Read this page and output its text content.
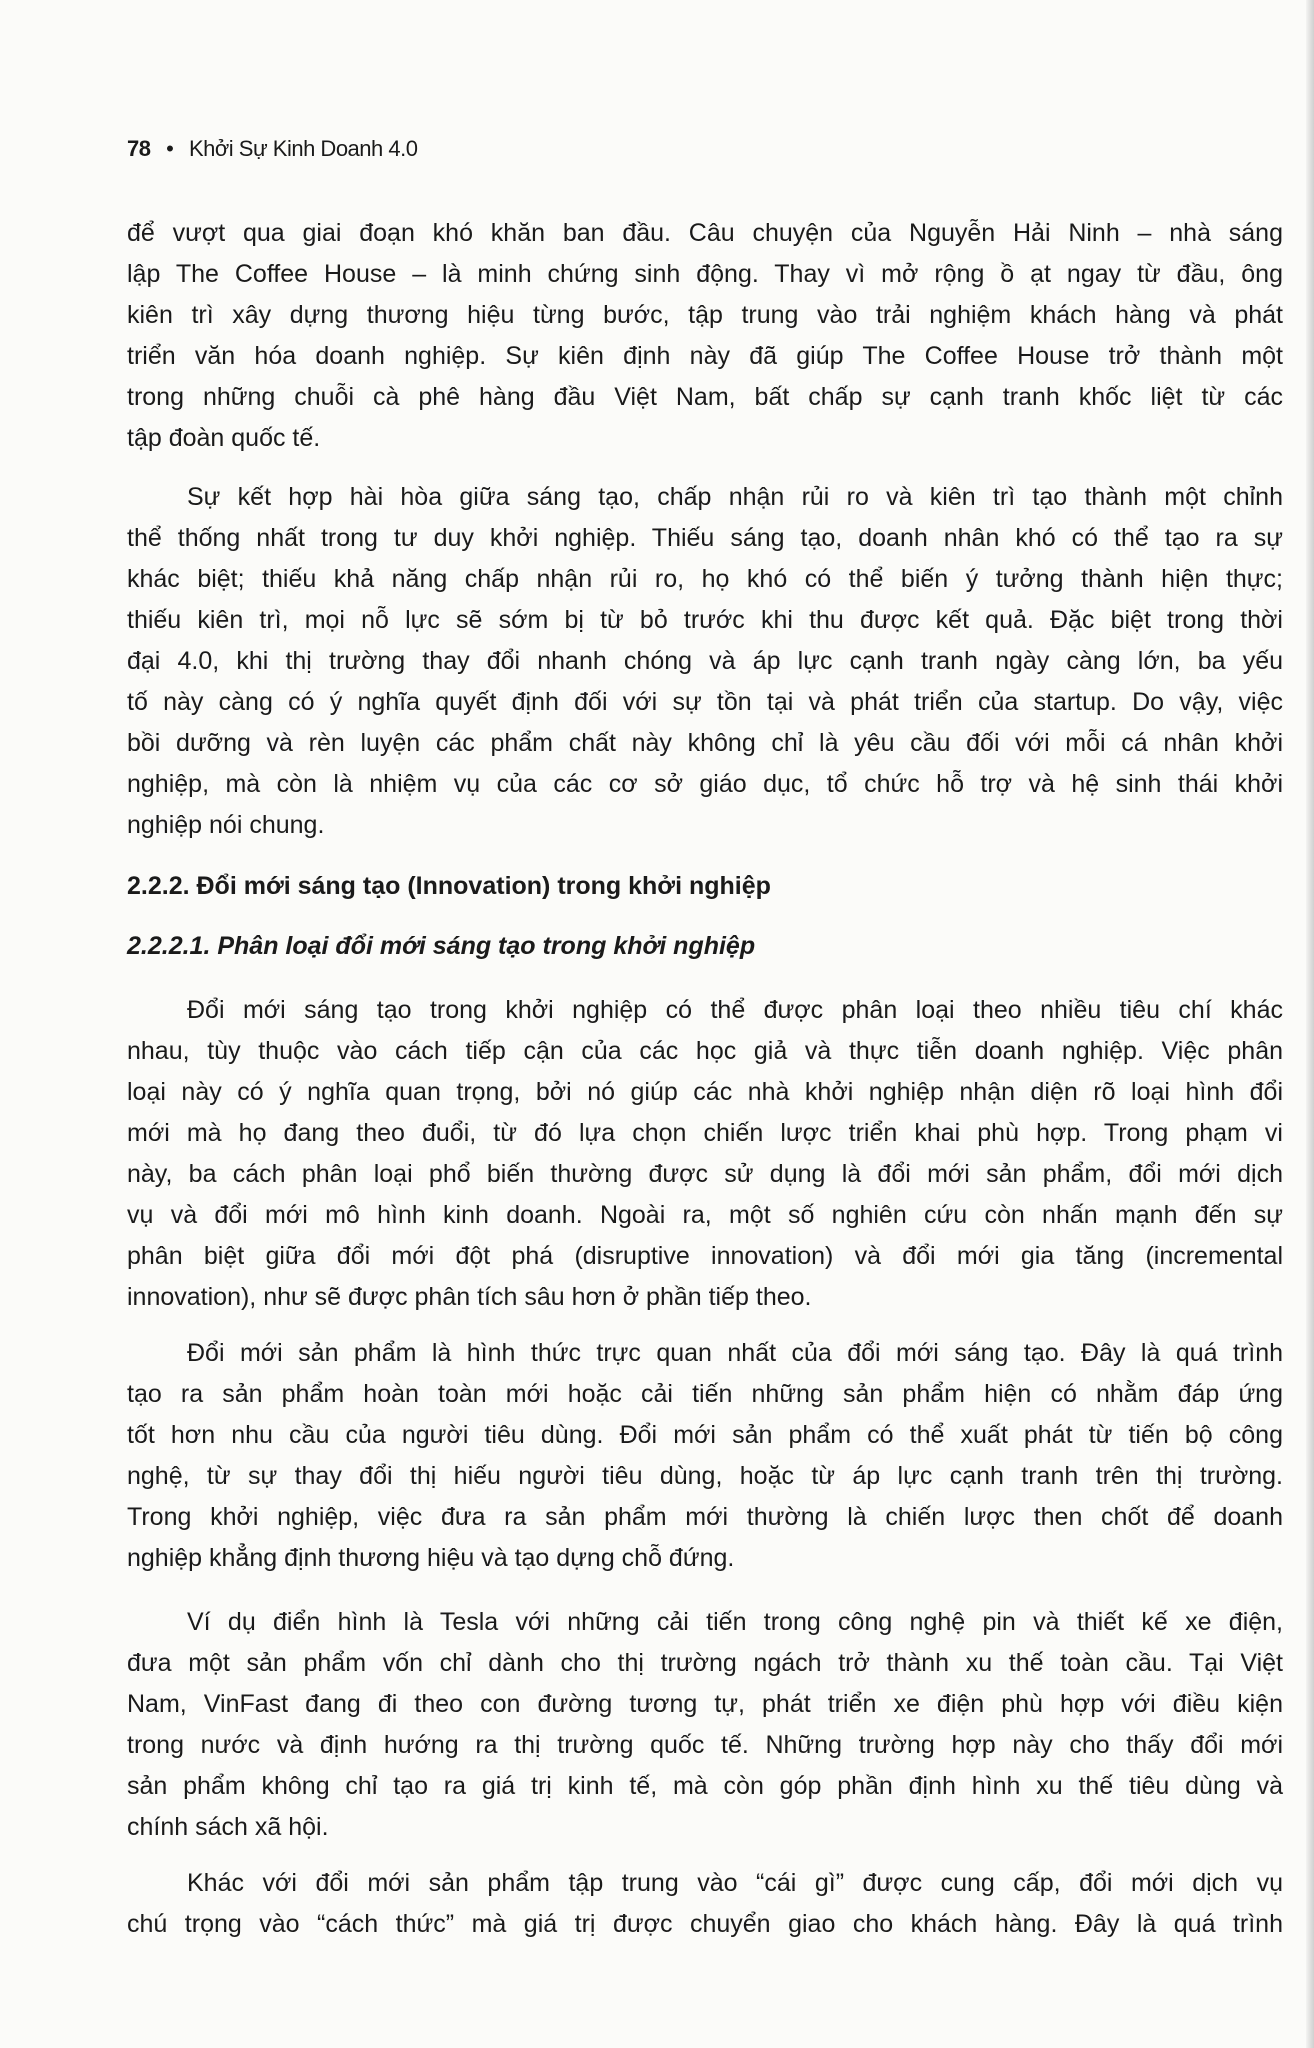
78 • Khởi Sự Kinh Doanh 4.0
để vượt qua giai đoạn khó khăn ban đầu. Câu chuyện của Nguyễn Hải Ninh – nhà sáng
lập The Coffee House – là minh chứng sinh động. Thay vì mở rộng ồ ạt ngay từ đầu, ông
kiên trì xây dựng thương hiệu từng bước, tập trung vào trải nghiệm khách hàng và phát
triển văn hóa doanh nghiệp. Sự kiên định này đã giúp The Coffee House trở thành một
trong những chuỗi cà phê hàng đầu Việt Nam, bất chấp sự cạnh tranh khốc liệt từ các
tập đoàn quốc tế.
Sự kết hợp hài hòa giữa sáng tạo, chấp nhận rủi ro và kiên trì tạo thành một chỉnh
thể thống nhất trong tư duy khởi nghiệp. Thiếu sáng tạo, doanh nhân khó có thể tạo ra sự
khác biệt; thiếu khả năng chấp nhận rủi ro, họ khó có thể biến ý tưởng thành hiện thực;
thiếu kiên trì, mọi nỗ lực sẽ sớm bị từ bỏ trước khi thu được kết quả. Đặc biệt trong thời
đại 4.0, khi thị trường thay đổi nhanh chóng và áp lực cạnh tranh ngày càng lớn, ba yếu
tố này càng có ý nghĩa quyết định đối với sự tồn tại và phát triển của startup. Do vậy, việc
bồi dưỡng và rèn luyện các phẩm chất này không chỉ là yêu cầu đối với mỗi cá nhân khởi
nghiệp, mà còn là nhiệm vụ của các cơ sở giáo dục, tổ chức hỗ trợ và hệ sinh thái khởi
nghiệp nói chung.
2.2.2. Đổi mới sáng tạo (Innovation) trong khởi nghiệp
2.2.2.1. Phân loại đổi mới sáng tạo trong khởi nghiệp
Đổi mới sáng tạo trong khởi nghiệp có thể được phân loại theo nhiều tiêu chí khác
nhau, tùy thuộc vào cách tiếp cận của các học giả và thực tiễn doanh nghiệp. Việc phân
loại này có ý nghĩa quan trọng, bởi nó giúp các nhà khởi nghiệp nhận diện rõ loại hình đổi
mới mà họ đang theo đuổi, từ đó lựa chọn chiến lược triển khai phù hợp. Trong phạm vi
này, ba cách phân loại phổ biến thường được sử dụng là đổi mới sản phẩm, đổi mới dịch
vụ và đổi mới mô hình kinh doanh. Ngoài ra, một số nghiên cứu còn nhấn mạnh đến sự
phân biệt giữa đổi mới đột phá (disruptive innovation) và đổi mới gia tăng (incremental
innovation), như sẽ được phân tích sâu hơn ở phần tiếp theo.
Đổi mới sản phẩm là hình thức trực quan nhất của đổi mới sáng tạo. Đây là quá trình
tạo ra sản phẩm hoàn toàn mới hoặc cải tiến những sản phẩm hiện có nhằm đáp ứng
tốt hơn nhu cầu của người tiêu dùng. Đổi mới sản phẩm có thể xuất phát từ tiến bộ công
nghệ, từ sự thay đổi thị hiếu người tiêu dùng, hoặc từ áp lực cạnh tranh trên thị trường.
Trong khởi nghiệp, việc đưa ra sản phẩm mới thường là chiến lược then chốt để doanh
nghiệp khẳng định thương hiệu và tạo dựng chỗ đứng.
Ví dụ điển hình là Tesla với những cải tiến trong công nghệ pin và thiết kế xe điện,
đưa một sản phẩm vốn chỉ dành cho thị trường ngách trở thành xu thế toàn cầu. Tại Việt
Nam, VinFast đang đi theo con đường tương tự, phát triển xe điện phù hợp với điều kiện
trong nước và định hướng ra thị trường quốc tế. Những trường hợp này cho thấy đổi mới
sản phẩm không chỉ tạo ra giá trị kinh tế, mà còn góp phần định hình xu thế tiêu dùng và
chính sách xã hội.
Khác với đổi mới sản phẩm tập trung vào “cái gì” được cung cấp, đổi mới dịch vụ
chú trọng vào “cách thức” mà giá trị được chuyển giao cho khách hàng. Đây là quá trình
